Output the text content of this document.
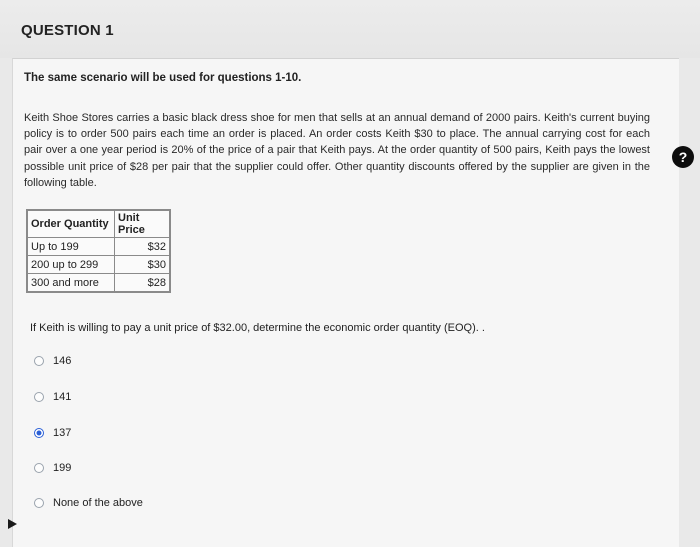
QUESTION 1
The same scenario will be used for questions 1-10.
Keith Shoe Stores carries a basic black dress shoe for men that sells at an annual demand of 2000 pairs. Keith's current buying policy is to order 500 pairs each time an order is placed. An order costs Keith $30 to place. The annual carrying cost for each pair over a one year period is 20% of the price of a pair that Keith pays. At the order quantity of 500 pairs, Keith pays the lowest possible unit price of $28 per pair that the supplier could offer. Other quantity discounts offered by the supplier are given in the following table.
Order Quantity	Unit Price
Up to 199	$32
200 up to 299	$30
300 and more	$28
If Keith is willing to pay a unit price of $32.00, determine the economic order quantity (EOQ). .
146
141
137
199
None of the above
?
